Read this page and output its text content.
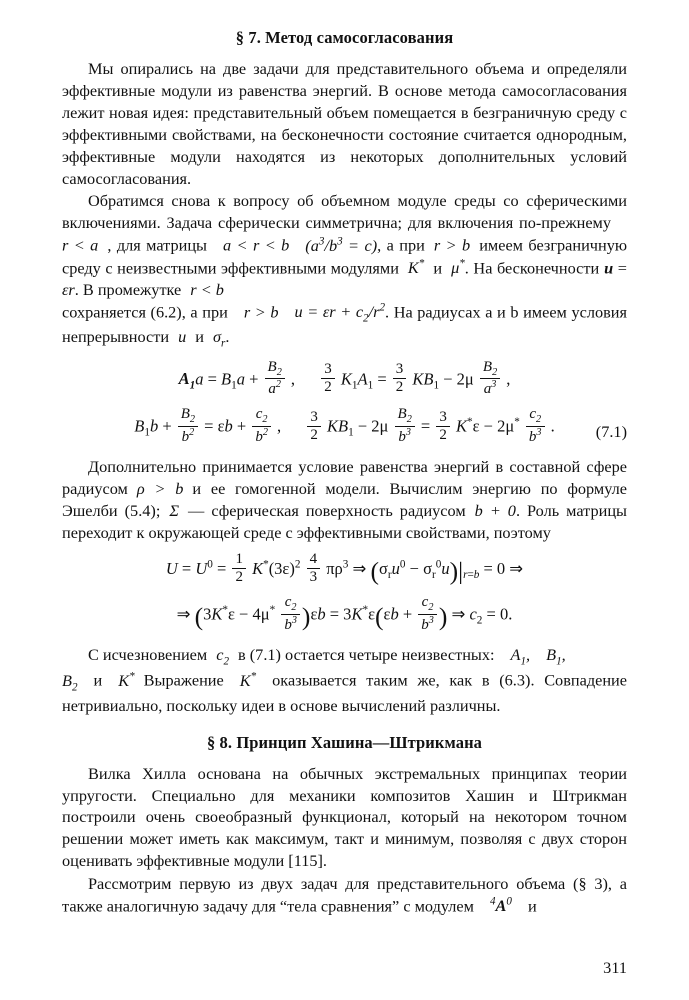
§ 7. Метод самосогласования

Мы опирались на две задачи для представительного объема и определяли эффективные модули из равенства энергий. В основе метода самосогласования лежит новая идея: представительный объем помещается в безграничную среду с эффективными свойствами, на бесконечности состояние считается однородным, эффективные модули находятся из некоторых дополнительных условий самосогласования.

Обратимся снова к вопросу об объемном модуле среды со сферическими включениями. Задача сферически симметрична; для включения по-прежнемуr < a , для матрицы a < r < b $(a^3/b^3 = c)$, а при r > b имеем безграничную среду с неизвестными эффективными модулями K* и μ*. На бесконечности u = εr. В промежутке r < b
сохраняется (6.2), а при r > b $u = \varepsilon r + c_2/r^2$. На радиусах a и b имеем условия непрерывности u и $\sigma_r$.

$A_1a = B_1a + \frac{B_2}{a^2}$ , $\frac{3}{2} K_1A_1 = \frac{3}{2} KB_1 - 2\mu \frac{B_2}{a^3}$ ,
$B_1b + \frac{B_2}{b^2} = \varepsilon b + \frac{c_2}{b^2}$ , $\frac{3}{2} KB_1 - 2\mu \frac{B_2}{b^3} = \frac{3}{2} K^*\varepsilon - 2\mu^* \frac{c_2}{b^3}$ .	(7.1)

Дополнительно принимается условие равенства энергий в составной сфере радиусом ρ > b и ее гомогенной модели. Вычислим энергию по формуле Эшелби (5.4); Σ — сферическая поверхность радиусом b + 0. Роль матрицы переходит к окружающей среде с эффективными свойствами, поэтому

$U = U^0 = \frac{1}{2} K^*(3\varepsilon)^2 \frac{4}{3} \pi\rho^3$ ⇒ $(\sigma_ru^0 - \sigma_r^0u)|_{r=b} = 0$ ⇒
⇒ $(3K^*\varepsilon - 4\mu^* \frac{c_2}{b^3} )\varepsilon b = 3K^*\varepsilon(\varepsilon b + \frac{c_2}{b^3}$ ) ⇒ $c_2 = 0$.

С исчезновением $c_2$ в (7.1) остается четыре неизвестных: $A_1$, $B_1$,
$B_2$ и K* Выражение K* оказывается таким же, как в (6.3). Совпадение нетривиально, поскольку идеи в основе вычислений различны.

§ 8. Принцип Хашина—Штрикмана

Вилка Хилла основана на обычных экстремальных принципах теории упругости. Специально для механики композитов Хашин и Штрикман построили очень своеобразный функционал, который на некотором точном решении может иметь как максимум, такт и минимум, позволяя с двух сторон оценивать эффективные модули [115].

Рассмотрим первую из двух задач для представительного объема (§ 3), а также аналогичную задачу для “тела сравнения” с модулем $^4A^0$ и

311
